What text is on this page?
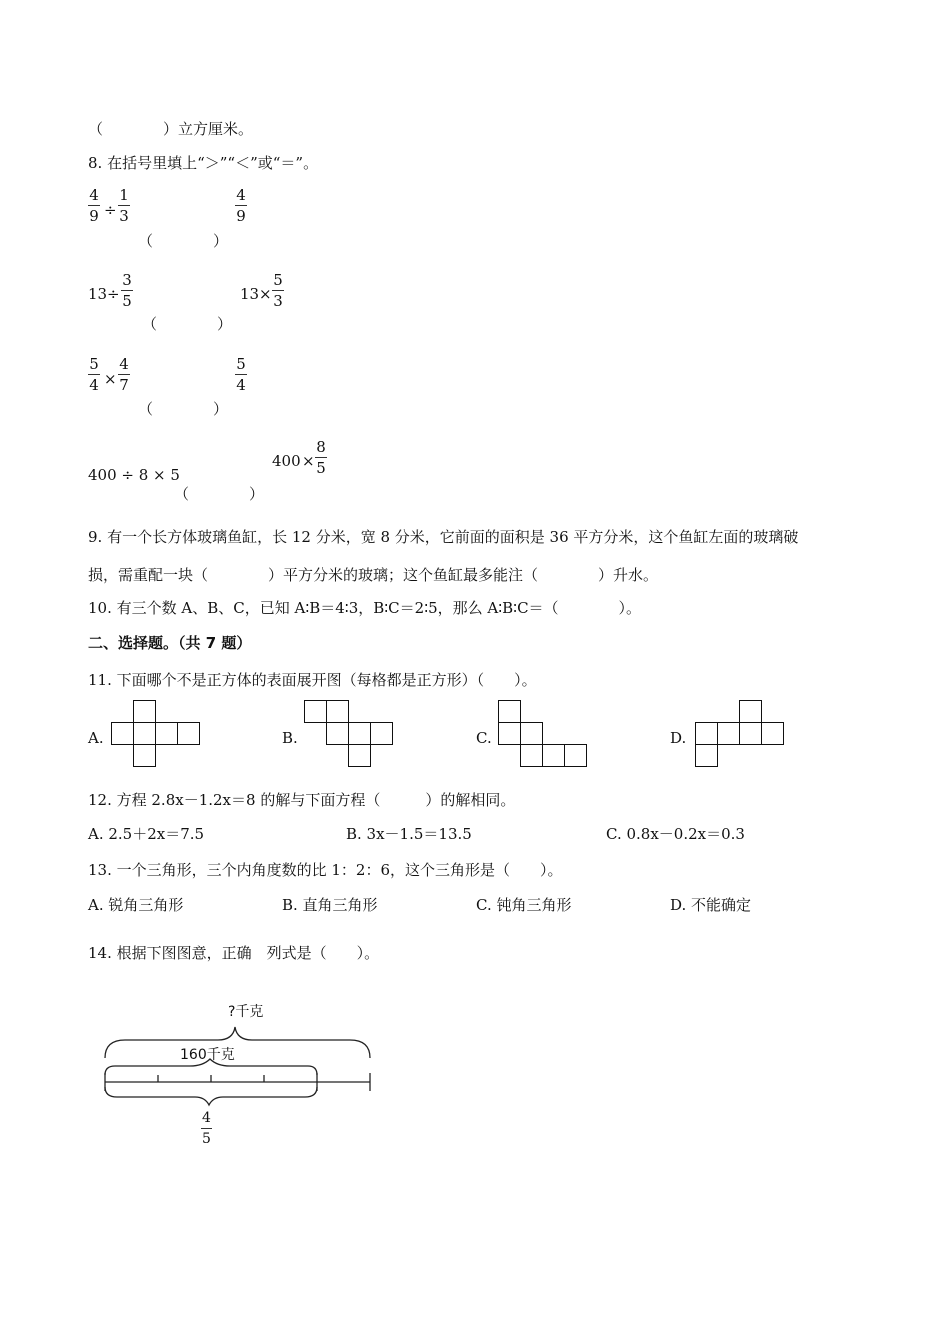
（　　　　）立方厘米。
8. 在括号里填上“＞”“＜”或“＝”。
4
9 ÷
1
3
（　　　　）
4
9
13 ÷
3
5
（　　　　）
13 ×
5
3
5
4 ×
4
7
（　　　　）
5
4
400 ÷ 8 × 5
（　　　　）
400 ×
8
5
9. 有一个长方体玻璃鱼缸，长 12 分米，宽 8 分米，它前面的面积是 36 平方分米，这个鱼缸左面的玻璃破
损，需重配一块（　　　　）平方分米的玻璃；这个鱼缸最多能注（　　　　）升水。
10. 有三个数 A、B、C，已知 A∶B＝4∶3，B∶C＝2∶5，那么 A∶B∶C＝（　　　　）。
二、选择题。（共 7 题）
11. 下面哪个不是正方体的表面展开图（每格都是正方形）（　　）。
A.	B.	C.	D.
12. 方程 2.8x－1.2x＝8 的解与下面方程（　　　）的解相同。
A. 2.5＋2x＝7.5	B. 3x－1.5＝13.5	C. 0.8x－0.2x＝0.3
13. 一个三角形，三个内角度数的比 1：2：6，这个三角形是（　　）。
A. 锐角三角形	B. 直角三角形	C. 钝角三角形	D. 不能确定
14. 根据下图图意，正确　列式是（　　）。
?千克
160千克
4
5
